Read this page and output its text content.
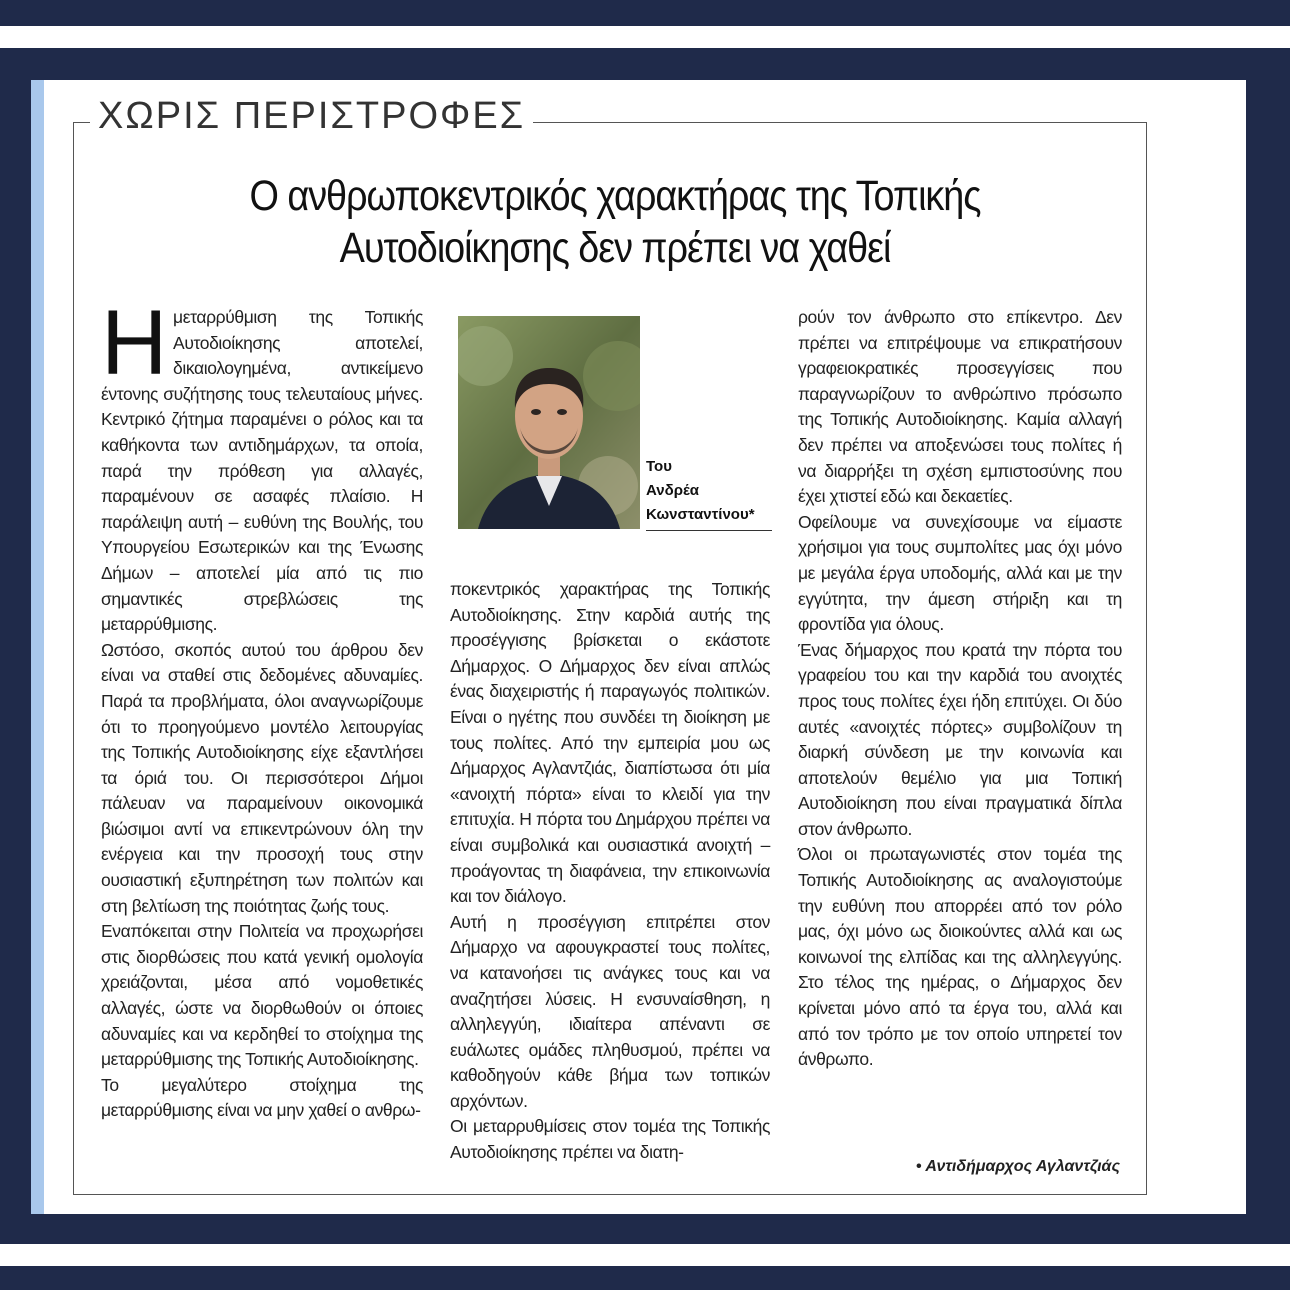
ΧΩΡΙΣ ΠΕΡΙΣΤΡΟΦΕΣ
Ο ανθρωποκεντρικός χαρακτήρας της Τοπικής
Αυτοδιοίκησης δεν πρέπει να χαθεί

Ημεταρρύθμιση της Τοπικής Αυτοδιοίκησης αποτελεί, δικαιολογημένα, αντικείμενο έντονης συζήτησης τους τελευταίους μήνες. Κεντρικό ζήτημα παραμένει ο ρόλος και τα καθήκοντα των αντιδημάρχων, τα οποία, παρά την πρόθεση για αλλαγές, παραμένουν σε ασαφές πλαίσιο. Η παράλειψη αυτή – ευθύνη της Βουλής, του Υπουργείου Εσωτερικών και της Ένωσης Δήμων – αποτελεί μία από τις πιο σημαντικές στρεβλώσεις της μεταρρύθμισης.

Ωστόσο, σκοπός αυτού του άρθρου δεν είναι να σταθεί στις δεδομένες αδυναμίες. Παρά τα προβλήματα, όλοι αναγνωρίζουμε ότι το προηγούμενο μοντέλο λειτουργίας της Τοπικής Αυτοδιοίκησης είχε εξαντλήσει τα όριά του. Οι περισσότεροι Δήμοι πάλευαν να παραμείνουν οικονομικά βιώσιμοι αντί να επικεντρώνουν όλη την ενέργεια και την προσοχή τους στην ουσιαστική εξυπηρέτηση των πολιτών και στη βελτίωση της ποιότητας ζωής τους.

Εναπόκειται στην Πολιτεία να προχωρήσει στις διορθώσεις που κατά γενική ομολογία χρειάζονται, μέσα από νομοθετικές αλλαγές, ώστε να διορθωθούν οι όποιες αδυναμίες και να κερδηθεί το στοίχημα της μεταρρύθμισης της Τοπικής Αυτοδιοίκησης.

Το μεγαλύτερο στοίχημα της μεταρρύθμισης είναι να μην χαθεί ο ανθρω-

Του
Ανδρέα
Κωνσταντίνου*

ποκεντρικός χαρακτήρας της Τοπικής Αυτοδιοίκησης. Στην καρδιά αυτής της προσέγγισης βρίσκεται ο εκάστοτε Δήμαρχος. Ο Δήμαρχος δεν είναι απλώς ένας διαχειριστής ή παραγωγός πολιτικών. Είναι ο ηγέτης που συνδέει τη διοίκηση με τους πολίτες. Από την εμπειρία μου ως Δήμαρχος Αγλαντζιάς, διαπίστωσα ότι μία «ανοιχτή πόρτα» είναι το κλειδί για την επιτυχία. Η πόρτα του Δημάρχου πρέπει να είναι συμβολικά και ουσιαστικά ανοιχτή – προάγοντας τη διαφάνεια, την επικοινωνία και τον διάλογο.

Αυτή η προσέγγιση επιτρέπει στον Δήμαρχο να αφουγκραστεί τους πολίτες, να κατανοήσει τις ανάγκες τους και να αναζητήσει λύσεις. Η ενσυναίσθηση, η αλληλεγγύη, ιδιαίτερα απέναντι σε ευάλωτες ομάδες πληθυσμού, πρέπει να καθοδηγούν κάθε βήμα των τοπικών αρχόντων.

Οι μεταρρυθμίσεις στον τομέα της Τοπικής Αυτοδιοίκησης πρέπει να διατη-

ρούν τον άνθρωπο στο επίκεντρο. Δεν πρέπει να επιτρέψουμε να επικρατήσουν γραφειοκρατικές προσεγγίσεις που παραγνωρίζουν το ανθρώπινο πρόσωπο της Τοπικής Αυτοδιοίκησης. Καμία αλλαγή δεν πρέπει να αποξενώσει τους πολίτες ή να διαρρήξει τη σχέση εμπιστοσύνης που έχει χτιστεί εδώ και δεκαετίες.

Οφείλουμε να συνεχίσουμε να είμαστε χρήσιμοι για τους συμπολίτες μας όχι μόνο με μεγάλα έργα υποδομής, αλλά και με την εγγύτητα, την άμεση στήριξη και τη φροντίδα για όλους.

Ένας δήμαρχος που κρατά την πόρτα του γραφείου του και την καρδιά του ανοιχτές προς τους πολίτες έχει ήδη επιτύχει. Οι δύο αυτές «ανοιχτές πόρτες» συμβολίζουν τη διαρκή σύνδεση με την κοινωνία και αποτελούν θεμέλιο για μια Τοπική Αυτοδιοίκηση που είναι πραγματικά δίπλα στον άνθρωπο.

Όλοι οι πρωταγωνιστές στον τομέα της Τοπικής Αυτοδιοίκησης ας αναλογιστούμε την ευθύνη που απορρέει από τον ρόλο μας, όχι μόνο ως διοικούντες αλλά και ως κοινωνοί της ελπίδας και της αλληλεγγύης. Στο τέλος της ημέρας, ο Δήμαρχος δεν κρίνεται μόνο από τα έργα του, αλλά και από τον τρόπο με τον οποίο υπηρετεί τον άνθρωπο.

• Αντιδήμαρχος Αγλαντζιάς
